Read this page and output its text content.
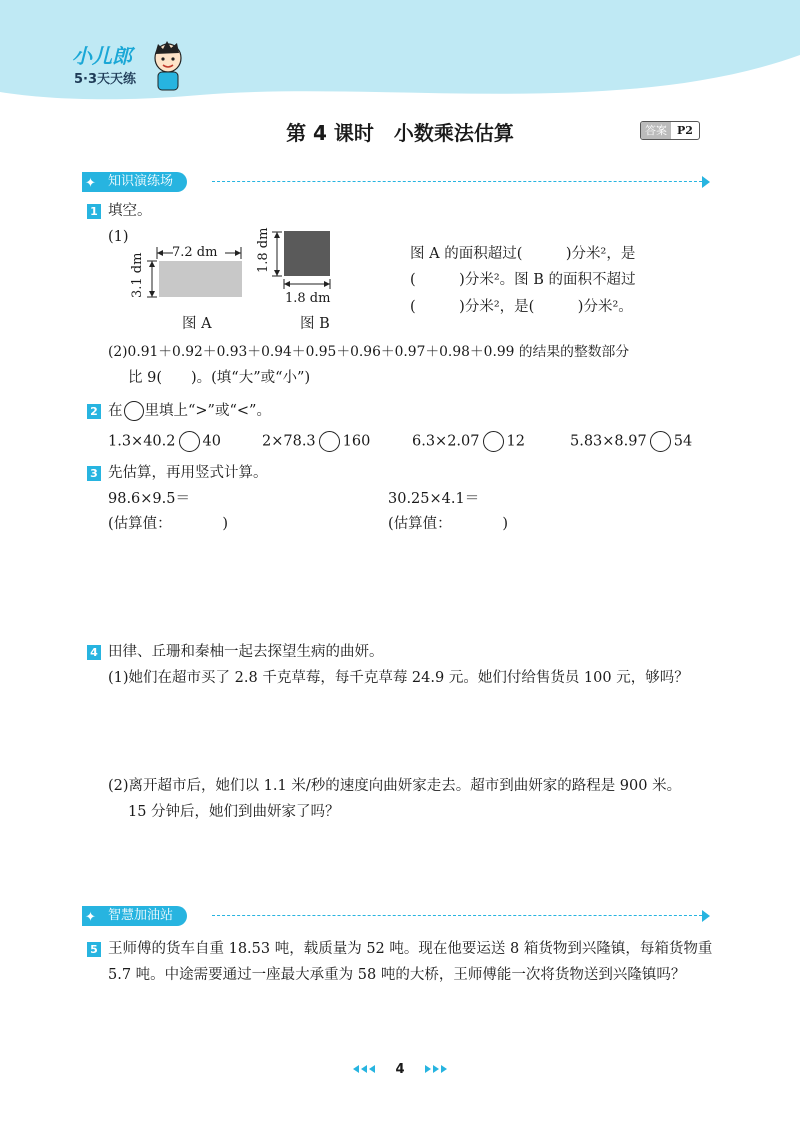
小儿郎
5·3天天练
第 4 课时　小数乘法估算	答案 P2
知识演练场
✦
1 填空。
(1)
7.2 dm
3.1 dm
图 A
1.8 dm
1.8 dm
图 B
图 A 的面积超过(　　　)分米²，是
(　　　)分米²。图 B 的面积不超过
(　　　)分米²，是(　　　)分米²。
(2)0.91＋0.92＋0.93＋0.94＋0.95＋0.96＋0.97＋0.98＋0.99 的结果的整数部分
比 9(　　)。(填“大”或“小”)
2 在 里填上“>”或“<”。
1.3×40.2 40	2×78.3 160	6.3×2.07 12	5.83×8.97 54
3 先估算，再用竖式计算。
98.6×9.5＝
(估算值：　　　　)
30.25×4.1＝
(估算值：　　　　)
4 田律、丘珊和秦柚一起去探望生病的曲妍。
(1)她们在超市买了 2.8 千克草莓，每千克草莓 24.9 元。她们付给售货员 100 元，够吗？
(2)离开超市后，她们以 1.1 米/秒的速度向曲妍家走去。超市到曲妍家的路程是 900 米。
15 分钟后，她们到曲妍家了吗？
智慧加油站
✦
5 王师傅的货车自重 18.53 吨，载质量为 52 吨。现在他要运送 8 箱货物到兴隆镇，每箱货物重
5.7 吨。中途需要通过一座最大承重为 58 吨的大桥，王师傅能一次将货物送到兴隆镇吗？
4
